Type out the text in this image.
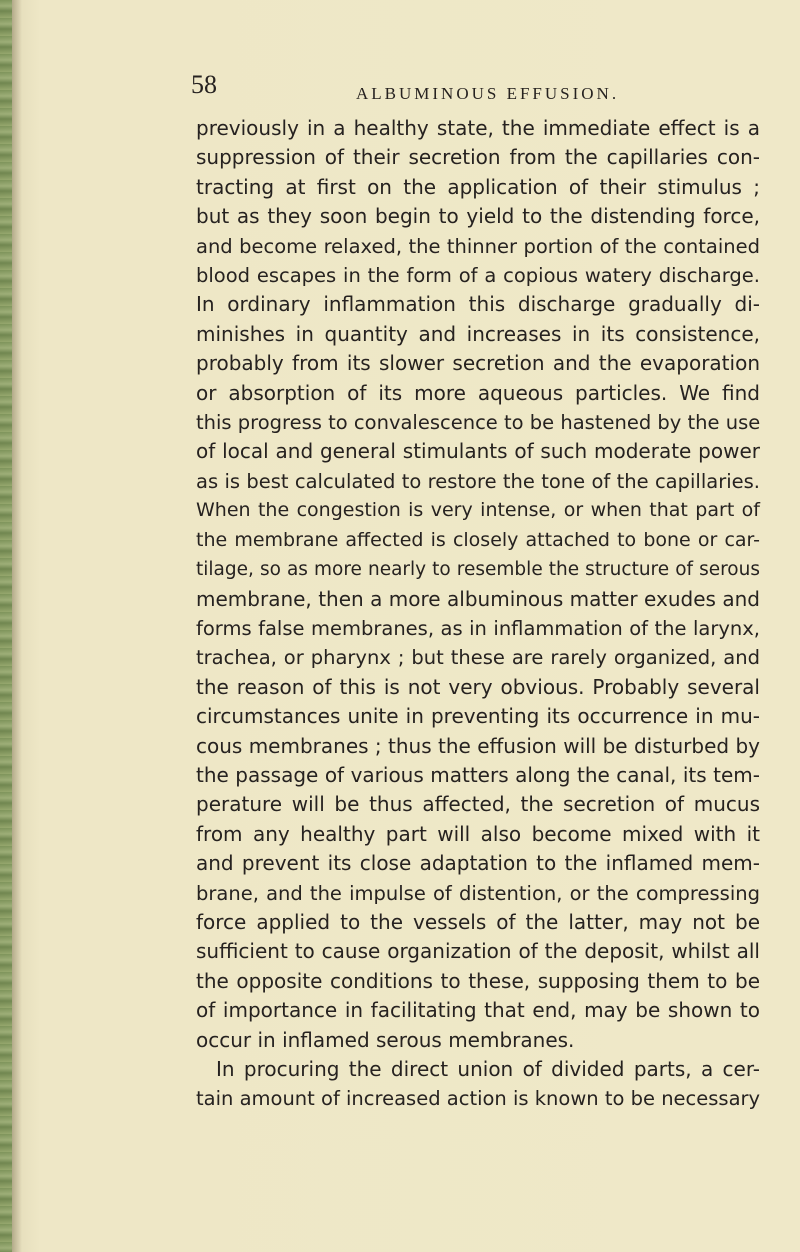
58	ALBUMINOUS EFFUSION.
previously in a healthy state, the immediate effect is a
suppression of their secretion from the capillaries con-
tracting at first on the application of their stimulus ;
but as they soon begin to yield to the distending force,
and become relaxed, the thinner portion of the contained
blood escapes in the form of a copious watery discharge.
In ordinary inflammation this discharge gradually di-
minishes in quantity and increases in its consistence,
probably from its slower secretion and the evaporation
or absorption of its more aqueous particles. We find
this progress to convalescence to be hastened by the use
of local and general stimulants of such moderate power
as is best calculated to restore the tone of the capillaries.
When the congestion is very intense, or when that part of
the membrane affected is closely attached to bone or car-
tilage, so as more nearly to resemble the structure of serous
membrane, then a more albuminous matter exudes and
forms false membranes, as in inflammation of the larynx,
trachea, or pharynx ; but these are rarely organized, and
the reason of this is not very obvious. Probably several
circumstances unite in preventing its occurrence in mu-
cous membranes ; thus the effusion will be disturbed by
the passage of various matters along the canal, its tem-
perature will be thus affected, the secretion of mucus
from any healthy part will also become mixed with it
and prevent its close adaptation to the inflamed mem-
brane, and the impulse of distention, or the compressing
force applied to the vessels of the latter, may not be
sufficient to cause organization of the deposit, whilst all
the opposite conditions to these, supposing them to be
of importance in facilitating that end, may be shown to
occur in inflamed serous membranes.
In procuring the direct union of divided parts, a cer-
tain amount of increased action is known to be necessary
